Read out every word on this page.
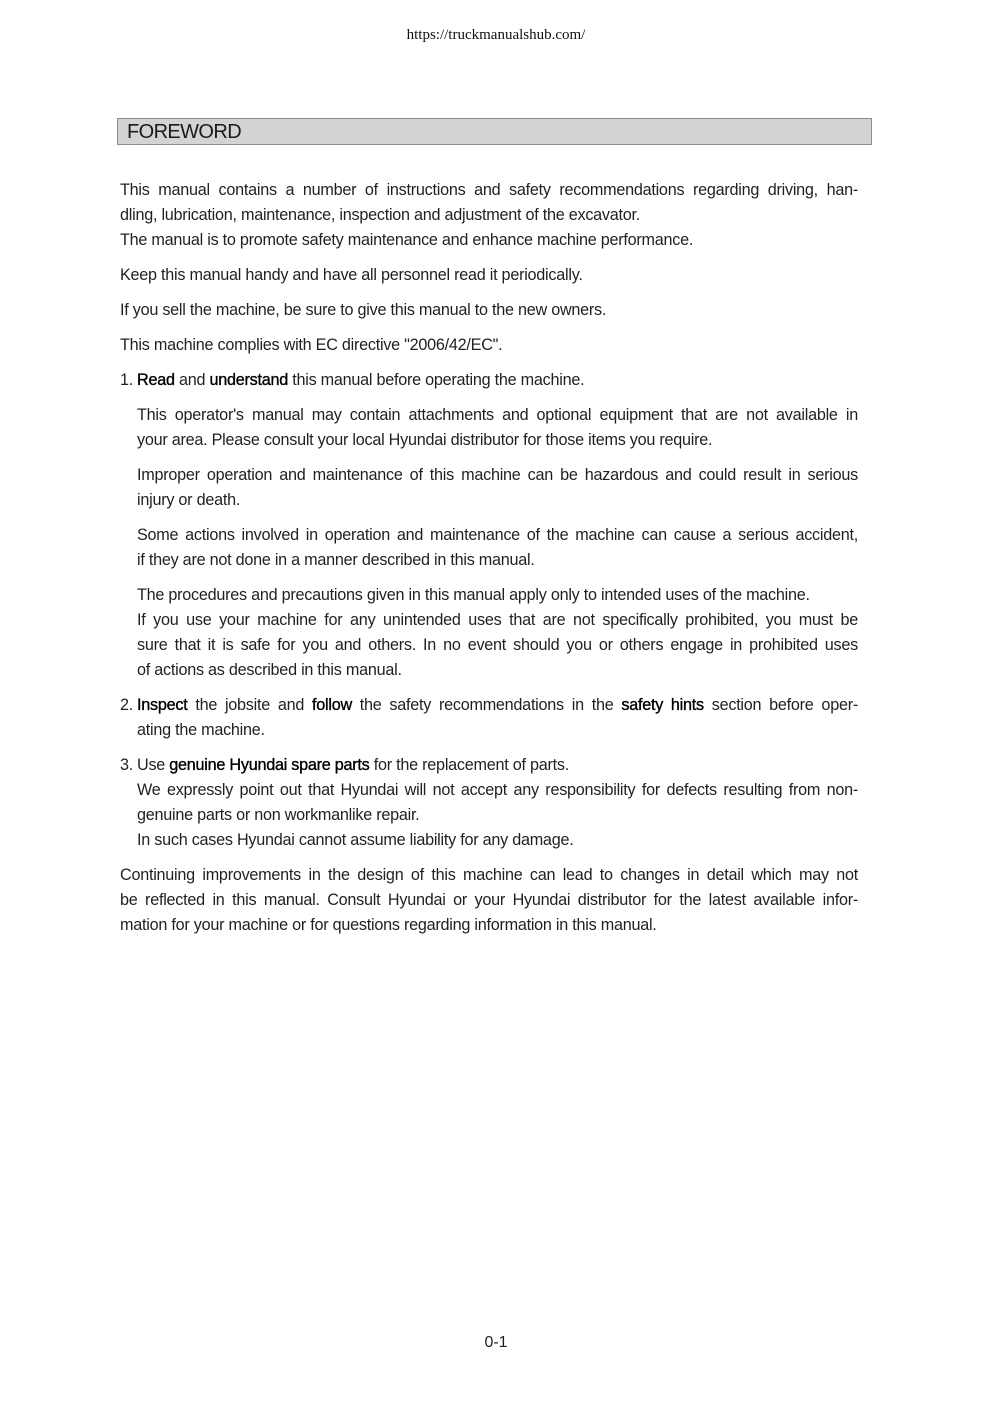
https://truckmanualshub.com/
FOREWORD

This manual contains a number of instructions and safety recommendations regarding driving, han-
dling, lubrication, maintenance, inspection and adjustment of the excavator.
The manual is to promote safety maintenance and enhance machine performance.

Keep this manual handy and have all personnel read it periodically.

If you sell the machine, be sure to give this manual to the new owners.

This machine complies with EC directive "2006/42/EC".

1. Read and understand this manual before operating the machine.

This operator's manual may contain attachments and optional equipment that are not available in
your area. Please consult your local Hyundai distributor for those items you require.

Improper operation and maintenance of this machine can be hazardous and could result in serious
injury or death.

Some actions involved in operation and maintenance of the machine can cause a serious accident,
if they are not done in a manner described in this manual.

The procedures and precautions given in this manual apply only to intended uses of the machine.
If you use your machine for any unintended uses that are not specifically prohibited, you must be
sure that it is safe for you and others. In no event should you or others engage in prohibited uses
of actions as described in this manual.

2. Inspect the jobsite and follow the safety recommendations in the safety hints section before oper-
ating the machine.

3. Use genuine Hyundai spare parts for the replacement of parts.
We expressly point out that Hyundai will not accept any responsibility for defects resulting from non-
genuine parts or non workmanlike repair.
In such cases Hyundai cannot assume liability for any damage.

Continuing improvements in the design of this machine can lead to changes in detail which may not
be reflected in this manual. Consult Hyundai or your Hyundai distributor for the latest available infor-
mation for your machine or for questions regarding information in this manual.

0-1
